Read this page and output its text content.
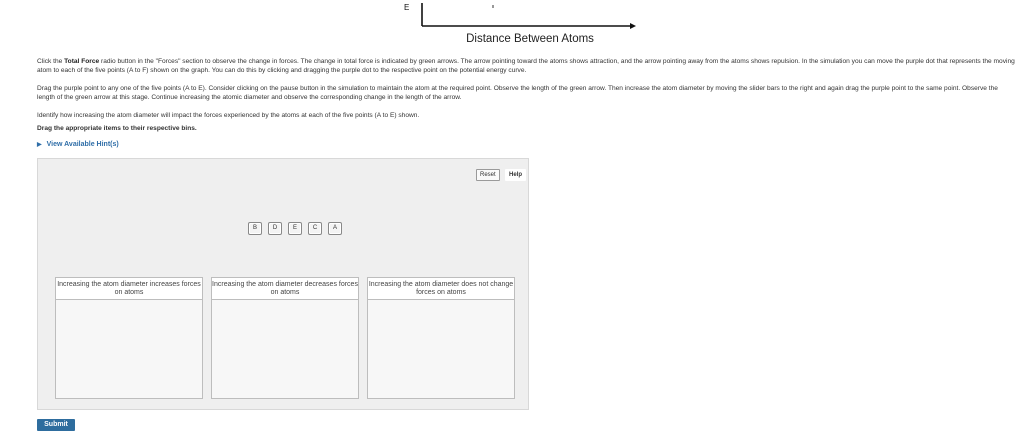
E
Distance Between Atoms
Click the Total Force radio button in the "Forces" section to observe the change in forces. The change in total force is indicated by green arrows. The arrow pointing toward the atoms shows attraction, and the arrow pointing away from the atoms shows repulsion. In the simulation you can move the purple dot that represents the moving atom to each of the five points (A to F) shown on the graph. You can do this by clicking and dragging the purple dot to the respective point on the potential energy curve.
Drag the purple point to any one of the five points (A to E). Consider clicking on the pause button in the simulation to maintain the atom at the required point. Observe the length of the green arrow. Then increase the atom diameter by moving the slider bars to the right and again drag the purple point to the same point. Observe the length of the green arrow at this stage. Continue increasing the atomic diameter and observe the corresponding change in the length of the arrow.
Identify how increasing the atom diameter will impact the forces experienced by the atoms at each of the five points (A to E) shown.
Drag the appropriate items to their respective bins.
▶ View Available Hint(s)
Reset	Help
B	D	E	C	A
Increasing the atom diameter increases forces on atoms
Increasing the atom diameter decreases forces on atoms
Increasing the atom diameter does not change forces on atoms
Submit
